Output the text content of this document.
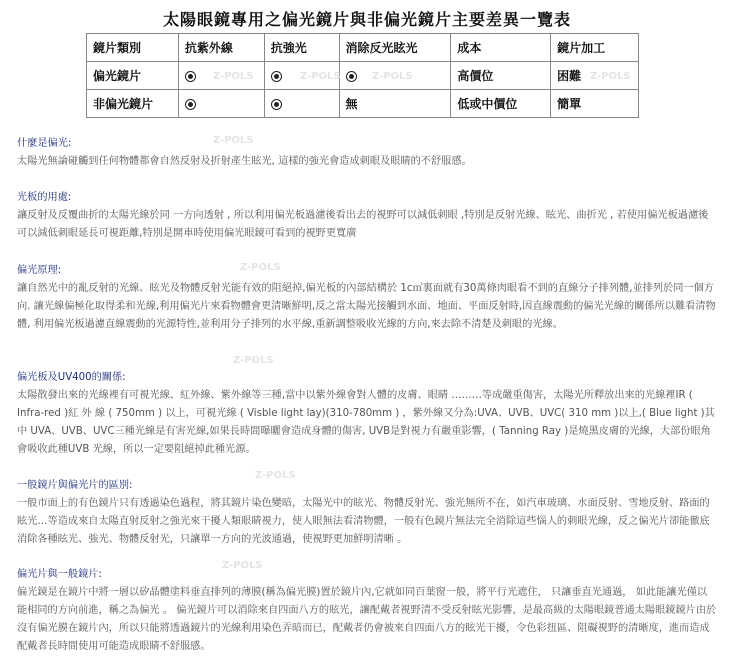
太陽眼鏡專用之偏光鏡片與非偏光鏡片主要差異一覽表
鏡片類別	抗紫外線	抗強光	消除反光眩光	成本	鏡片加工
偏光鏡片				高價位	困難
非偏光鏡片			無	低或中價位	簡單
Z-POLS	Z-POLS	Z-POLS	Z-POLS
Z-POLS
Z-POLS
Z-POLS
Z-POLS
Z-POLS
什麼是偏光:

太陽光無論碰觸到任何物體都會自然反射及折射產生眩光, 這樣的強光會造成刺眼及眼睛的不舒服感。

光板的用處:

讓反射及反覆曲折的太陽光線於同 一方向透射 , 所以利用偏光板過濾後看出去的視野可以減低刺眼 ,特別是反射光線、眩光、曲折光 , 若使用偏光板過濾後可以減低刺眼延長可視距離,特別是開車時使用偏光眼鏡可看到的視野更寬廣

偏光原理:

讓自然光中的亂反射的光線、眩光及物體反射光能有效的阻絕掉,偏光板的內部結構於 1c㎡裏面就有30萬條肉眼看不到的直線分子排列體,並排列於同一個方向. 讓光線偏極化取得柔和光線,利用偏光片來看物體會更清晰鮮明,反之當太陽光接觸到水面、地面、平面反射時,因直線震動的偏光光線的關係所以難看清物體, 利用偏光板過濾直線震動的光源特性,並利用分子排列的水平線,重新調整吸收光線的方向,來去除不清楚及刺眼的光線。

偏光板及UV400的關係:

太陽散發出來的光線裡有可視光線、紅外線、紫外線等三種,當中以紫外線會對人體的皮膚、眼睛 ………等成嚴重傷害，太陽光所釋放出來的光線裡IR ( Infra-red )紅 外 線 ( 750mm ) 以上，可視光線 ( Visble light lay)(310-780mm ) ，紫外線又分為:UVA、UVB、UVC( 310 mm )以上,( Blue light )其中 UVA、UVB、UVC三種光線是有害光線,如果長時間曝曬會造成身體的傷害, UVB是對視力有嚴重影響，( Tanning Ray )是燒黑皮膚的光線，大部份眼角會吸收此種UVB 光線，所以一定要阻絕掉此種光源。

一般鏡片與偏光片的區別:

一般市面上的有色鏡片只有透過染色過程，將其鏡片染色變暗，太陽光中的眩光、物體反射光、強光無所不在，如汽車玻璃、水面反射、雪地反射、路面的眩光…等造成來自太陽直射反射之強光來干擾人類眼睛視力，使人眼無法看清物體，一般有色鏡片無法完全消除這些惱人的刺眼光線，反之偏光片卻能徹底消除各種眩光、強光、物體反射光，只讓單一方向的光波通過，使視野更加鮮明清晰 。

偏光片與一般鏡片:

偏光鏡是在鏡片中將一層以矽晶體塗料垂直排列的薄膜(稱為偏光膜)置於鏡片內,它就如同百葉窗一般，將平行光遮住， 只讓垂直光通過， 如此能讓光僅以能相同的方向前進，稱之為偏光 。 偏光鏡片可以消除來自四面八方的眩光，讓配戴者視野清不受反射眩光影響，是最高級的太陽眼鏡普通太陽眼鏡鏡片由於沒有偏光膜在鏡片內，所以只能將透過鏡片的光線利用染色弄暗而已，配戴者仍會被來自四面八方的眩光干擾，令色彩扭區、阻礙視野的清晰度，進而造成配戴者長時間使用可能造成眼睛不舒服感。
